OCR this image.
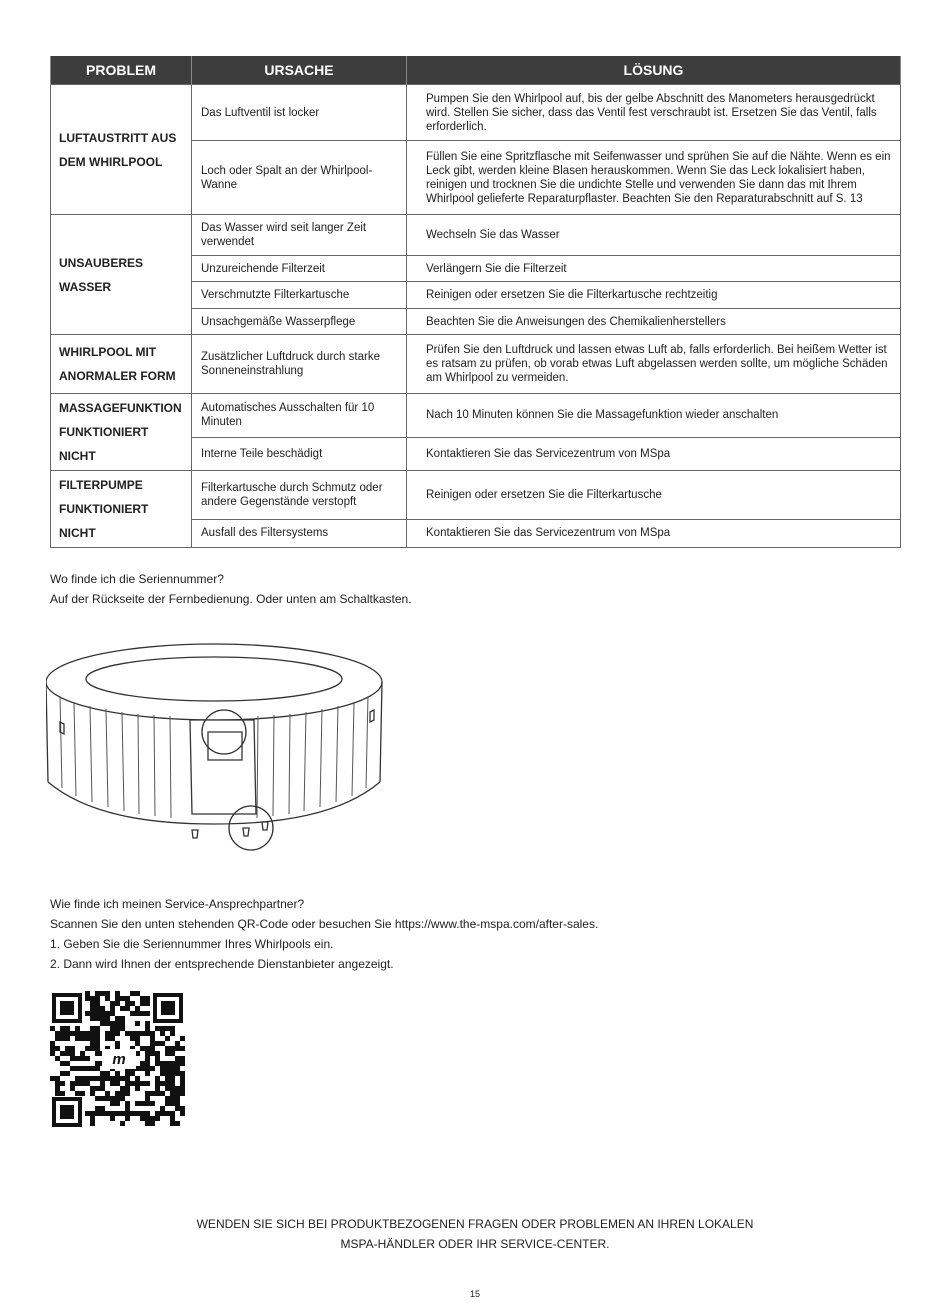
PROBLEM	URSACHE	LÖSUNG

LUFTAUSTRITT AUS
DEM WHIRLPOOL	Das Luftventil ist locker	Pumpen Sie den Whirlpool auf, bis der gelbe Abschnitt des Manometers herausgedrückt wird. Stellen Sie sicher, dass das Ventil fest verschraubt ist. Ersetzen Sie das Ventil, falls erforderlich.
	Loch oder Spalt an der Whirlpool-Wanne	Füllen Sie eine Spritzflasche mit Seifenwasser und sprühen Sie auf die Nähte. Wenn es ein Leck gibt, werden kleine Blasen herauskommen. Wenn Sie das Leck lokalisiert haben, reinigen und trocknen Sie die undichte Stelle und verwenden Sie dann das mit Ihrem Whirlpool gelieferte Reparaturpflaster. Beachten Sie den Reparaturabschnitt auf S. 13

UNSAUBERES
WASSER	Das Wasser wird seit langer Zeit verwendet	Wechseln Sie das Wasser
	Unzureichende Filterzeit	Verlängern Sie die Filterzeit
	Verschmutzte Filterkartusche	Reinigen oder ersetzen Sie die Filterkartusche rechtzeitig
	Unsachgemäße Wasserpflege	Beachten Sie die Anweisungen des Chemikalienherstellers

WHIRLPOOL MIT
ANORMALER FORM	Zusätzlicher Luftdruck durch starke Sonneneinstrahlung	Prüfen Sie den Luftdruck und lassen etwas Luft ab, falls erforderlich. Bei heißem Wetter ist es ratsam zu prüfen, ob vorab etwas Luft abgelassen werden sollte, um mögliche Schäden am Whirlpool zu vermeiden.

MASSAGEFUNKTION
FUNKTIONIERT NICHT	Automatisches Ausschalten für 10 Minuten	Nach 10 Minuten können Sie die Massagefunktion wieder anschalten
	Interne Teile beschädigt	Kontaktieren Sie das Servicezentrum von MSpa

FILTERPUMPE
FUNKTIONIERT NICHT	Filterkartusche durch Schmutz oder andere Gegenstände verstopft	Reinigen oder ersetzen Sie die Filterkartusche
	Ausfall des Filtersystems	Kontaktieren Sie das Servicezentrum von MSpa
Wo finde ich die Seriennummer?
Auf der Rückseite der Fernbedienung. Oder unten am Schaltkasten.
Wie finde ich meinen Service-Ansprechpartner?
Scannen Sie den unten stehenden QR-Code oder besuchen Sie https://www.the-mspa.com/after-sales.
1. Geben Sie die Seriennummer Ihres Whirlpools ein.
2. Dann wird Ihnen der entsprechende Dienstanbieter angezeigt.
m
WENDEN SIE SICH BEI PRODUKTBEZOGENEN FRAGEN ODER PROBLEMEN AN IHREN LOKALEN
MSPA-HÄNDLER ODER IHR SERVICE-CENTER.
15
